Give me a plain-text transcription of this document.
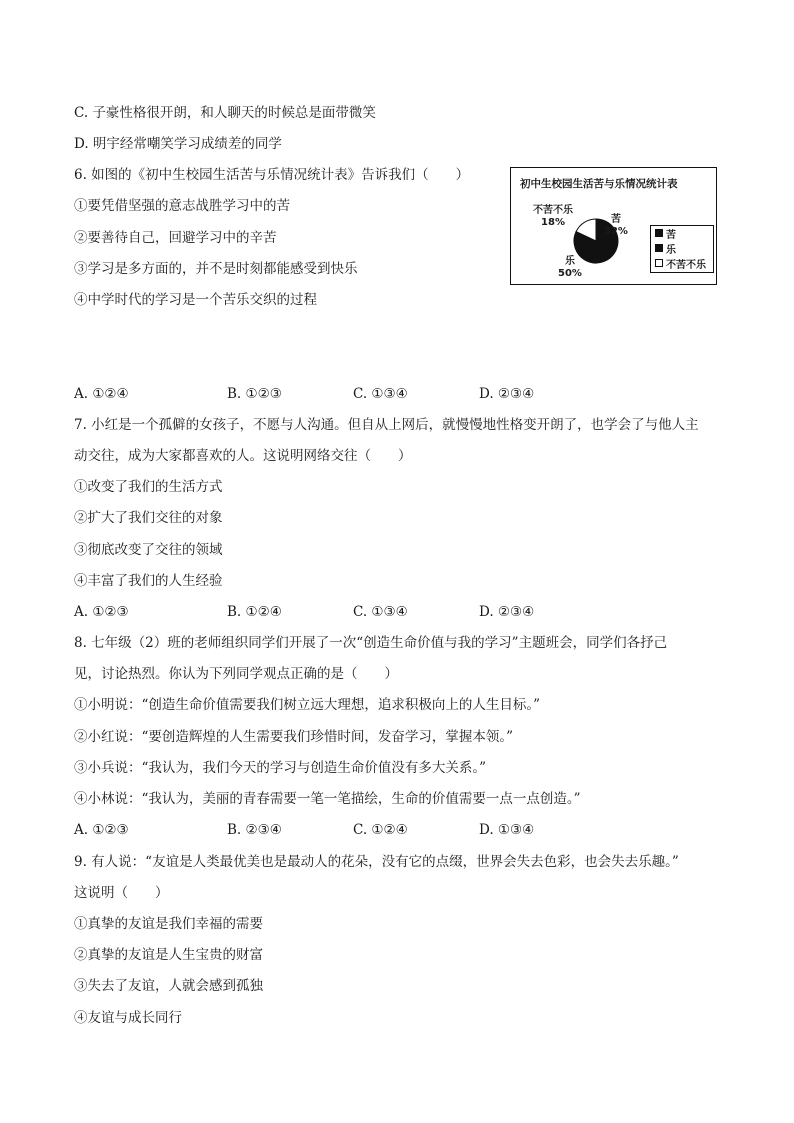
C. 子豪性格很开朗，和人聊天的时候总是面带微笑
D. 明宇经常嘲笑学习成绩差的同学
6. 如图的《初中生校园生活苦与乐情况统计表》告诉我们（　　）
①要凭借坚强的意志战胜学习中的苦
②要善待自己，回避学习中的辛苦
③学习是多方面的，并不是时刻都能感受到快乐
④中学时代的学习是一个苦乐交织的过程
初中生校园生活苦与乐情况统计表
不苦不乐
18%	苦
32%
乐
50%
苦
乐
不苦不乐
A. ①②④	B. ①②③	C. ①③④	D. ②③④
7. 小红是一个孤僻的女孩子，不愿与人沟通。但自从上网后，就慢慢地性格变开朗了，也学会了与他人主
动交往，成为大家都喜欢的人。这说明网络交往（　　）
①改变了我们的生活方式
②扩大了我们交往的对象
③彻底改变了交往的领域
④丰富了我们的人生经验
A. ①②③	B. ①②④	C. ①③④	D. ②③④
8. 七年级（2）班的老师组织同学们开展了一次“创造生命价值与我的学习”主题班会，同学们各抒己
见，讨论热烈。你认为下列同学观点正确的是（　　）
①小明说：“创造生命价值需要我们树立远大理想，追求积极向上的人生目标。”
②小红说：“要创造辉煌的人生需要我们珍惜时间，发奋学习，掌握本领。”
③小兵说：“我认为，我们今天的学习与创造生命价值没有多大关系。”
④小林说：“我认为，美丽的青春需要一笔一笔描绘，生命的价值需要一点一点创造。”
A. ①②③	B. ②③④	C. ①②④	D. ①③④
9. 有人说：“友谊是人类最优美也是最动人的花朵，没有它的点缀，世界会失去色彩，也会失去乐趣。”
这说明（　　）
①真挚的友谊是我们幸福的需要
②真挚的友谊是人生宝贵的财富
③失去了友谊，人就会感到孤独
④友谊与成长同行
